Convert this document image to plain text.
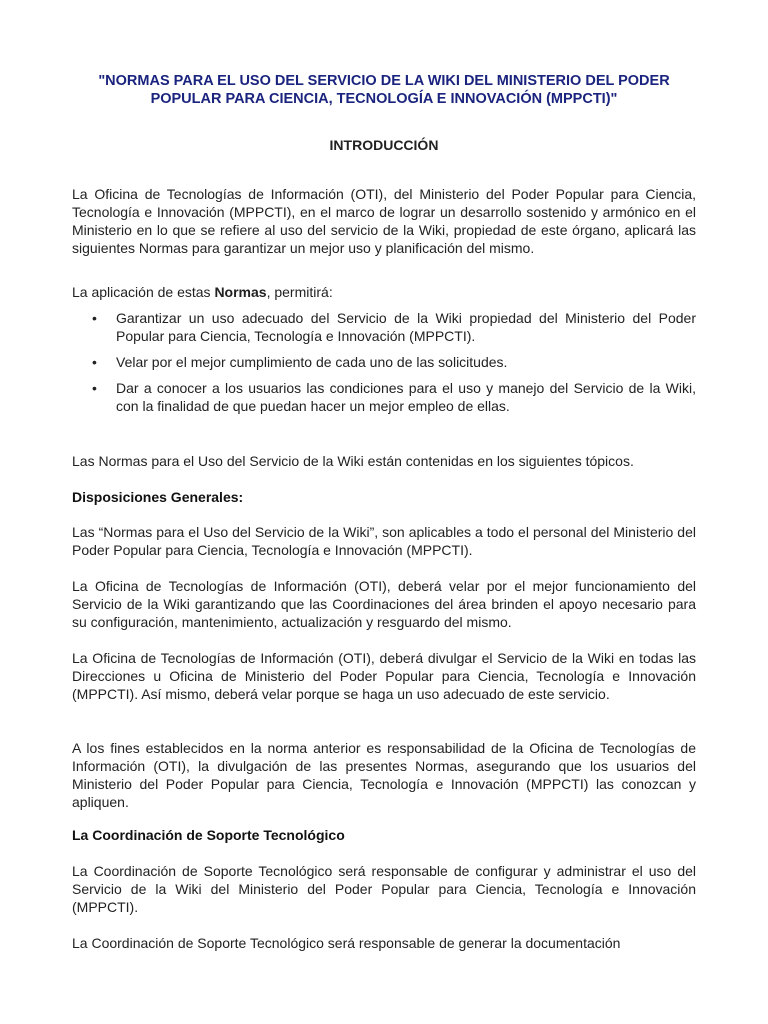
"NORMAS PARA EL USO DEL SERVICIO DE LA WIKI DEL MINISTERIO DEL PODER POPULAR PARA CIENCIA, TECNOLOGÍA E INNOVACIÓN (MPPCTI)"
INTRODUCCIÓN

La Oficina de Tecnologías de Información (OTI), del Ministerio del Poder Popular para Ciencia, Tecnología e Innovación (MPPCTI), en el marco de lograr un desarrollo sostenido y armónico en el Ministerio en lo que se refiere al uso del servicio de la Wiki, propiedad de este órgano, aplicará las siguientes Normas para garantizar un mejor uso y planificación del mismo.

La aplicación de estas Normas, permitirá:

• Garantizar un uso adecuado del Servicio de la Wiki propiedad del Ministerio del Poder Popular para Ciencia, Tecnología e Innovación (MPPCTI).
• Velar por el mejor cumplimiento de cada uno de las solicitudes.
• Dar a conocer a los usuarios las condiciones para el uso y manejo del Servicio de la Wiki, con la finalidad de que puedan hacer un mejor empleo de ellas.

Las Normas para el Uso del Servicio de la Wiki están contenidas en los siguientes tópicos.

Disposiciones Generales:

Las “Normas para el Uso del Servicio de la Wiki”, son aplicables a todo el personal del Ministerio del Poder Popular para Ciencia, Tecnología e Innovación (MPPCTI).

La Oficina de Tecnologías de Información (OTI), deberá velar por el mejor funcionamiento del Servicio de la Wiki garantizando que las Coordinaciones del área brinden el apoyo necesario para su configuración, mantenimiento, actualización y resguardo del mismo.

La Oficina de Tecnologías de Información (OTI), deberá divulgar el Servicio de la Wiki en todas las Direcciones u Oficina de Ministerio del Poder Popular para Ciencia, Tecnología e Innovación (MPPCTI). Así mismo, deberá velar porque se haga un uso adecuado de este servicio.

A los fines establecidos en la norma anterior es responsabilidad de la Oficina de Tecnologías de Información (OTI), la divulgación de las presentes Normas, asegurando que los usuarios del Ministerio del Poder Popular para Ciencia, Tecnología e Innovación (MPPCTI) las conozcan y apliquen.

La Coordinación de Soporte Tecnológico

La Coordinación de Soporte Tecnológico será responsable de configurar y administrar el uso del Servicio de la Wiki del Ministerio del Poder Popular para Ciencia, Tecnología e Innovación (MPPCTI).

La Coordinación de Soporte Tecnológico será responsable de generar la documentación
